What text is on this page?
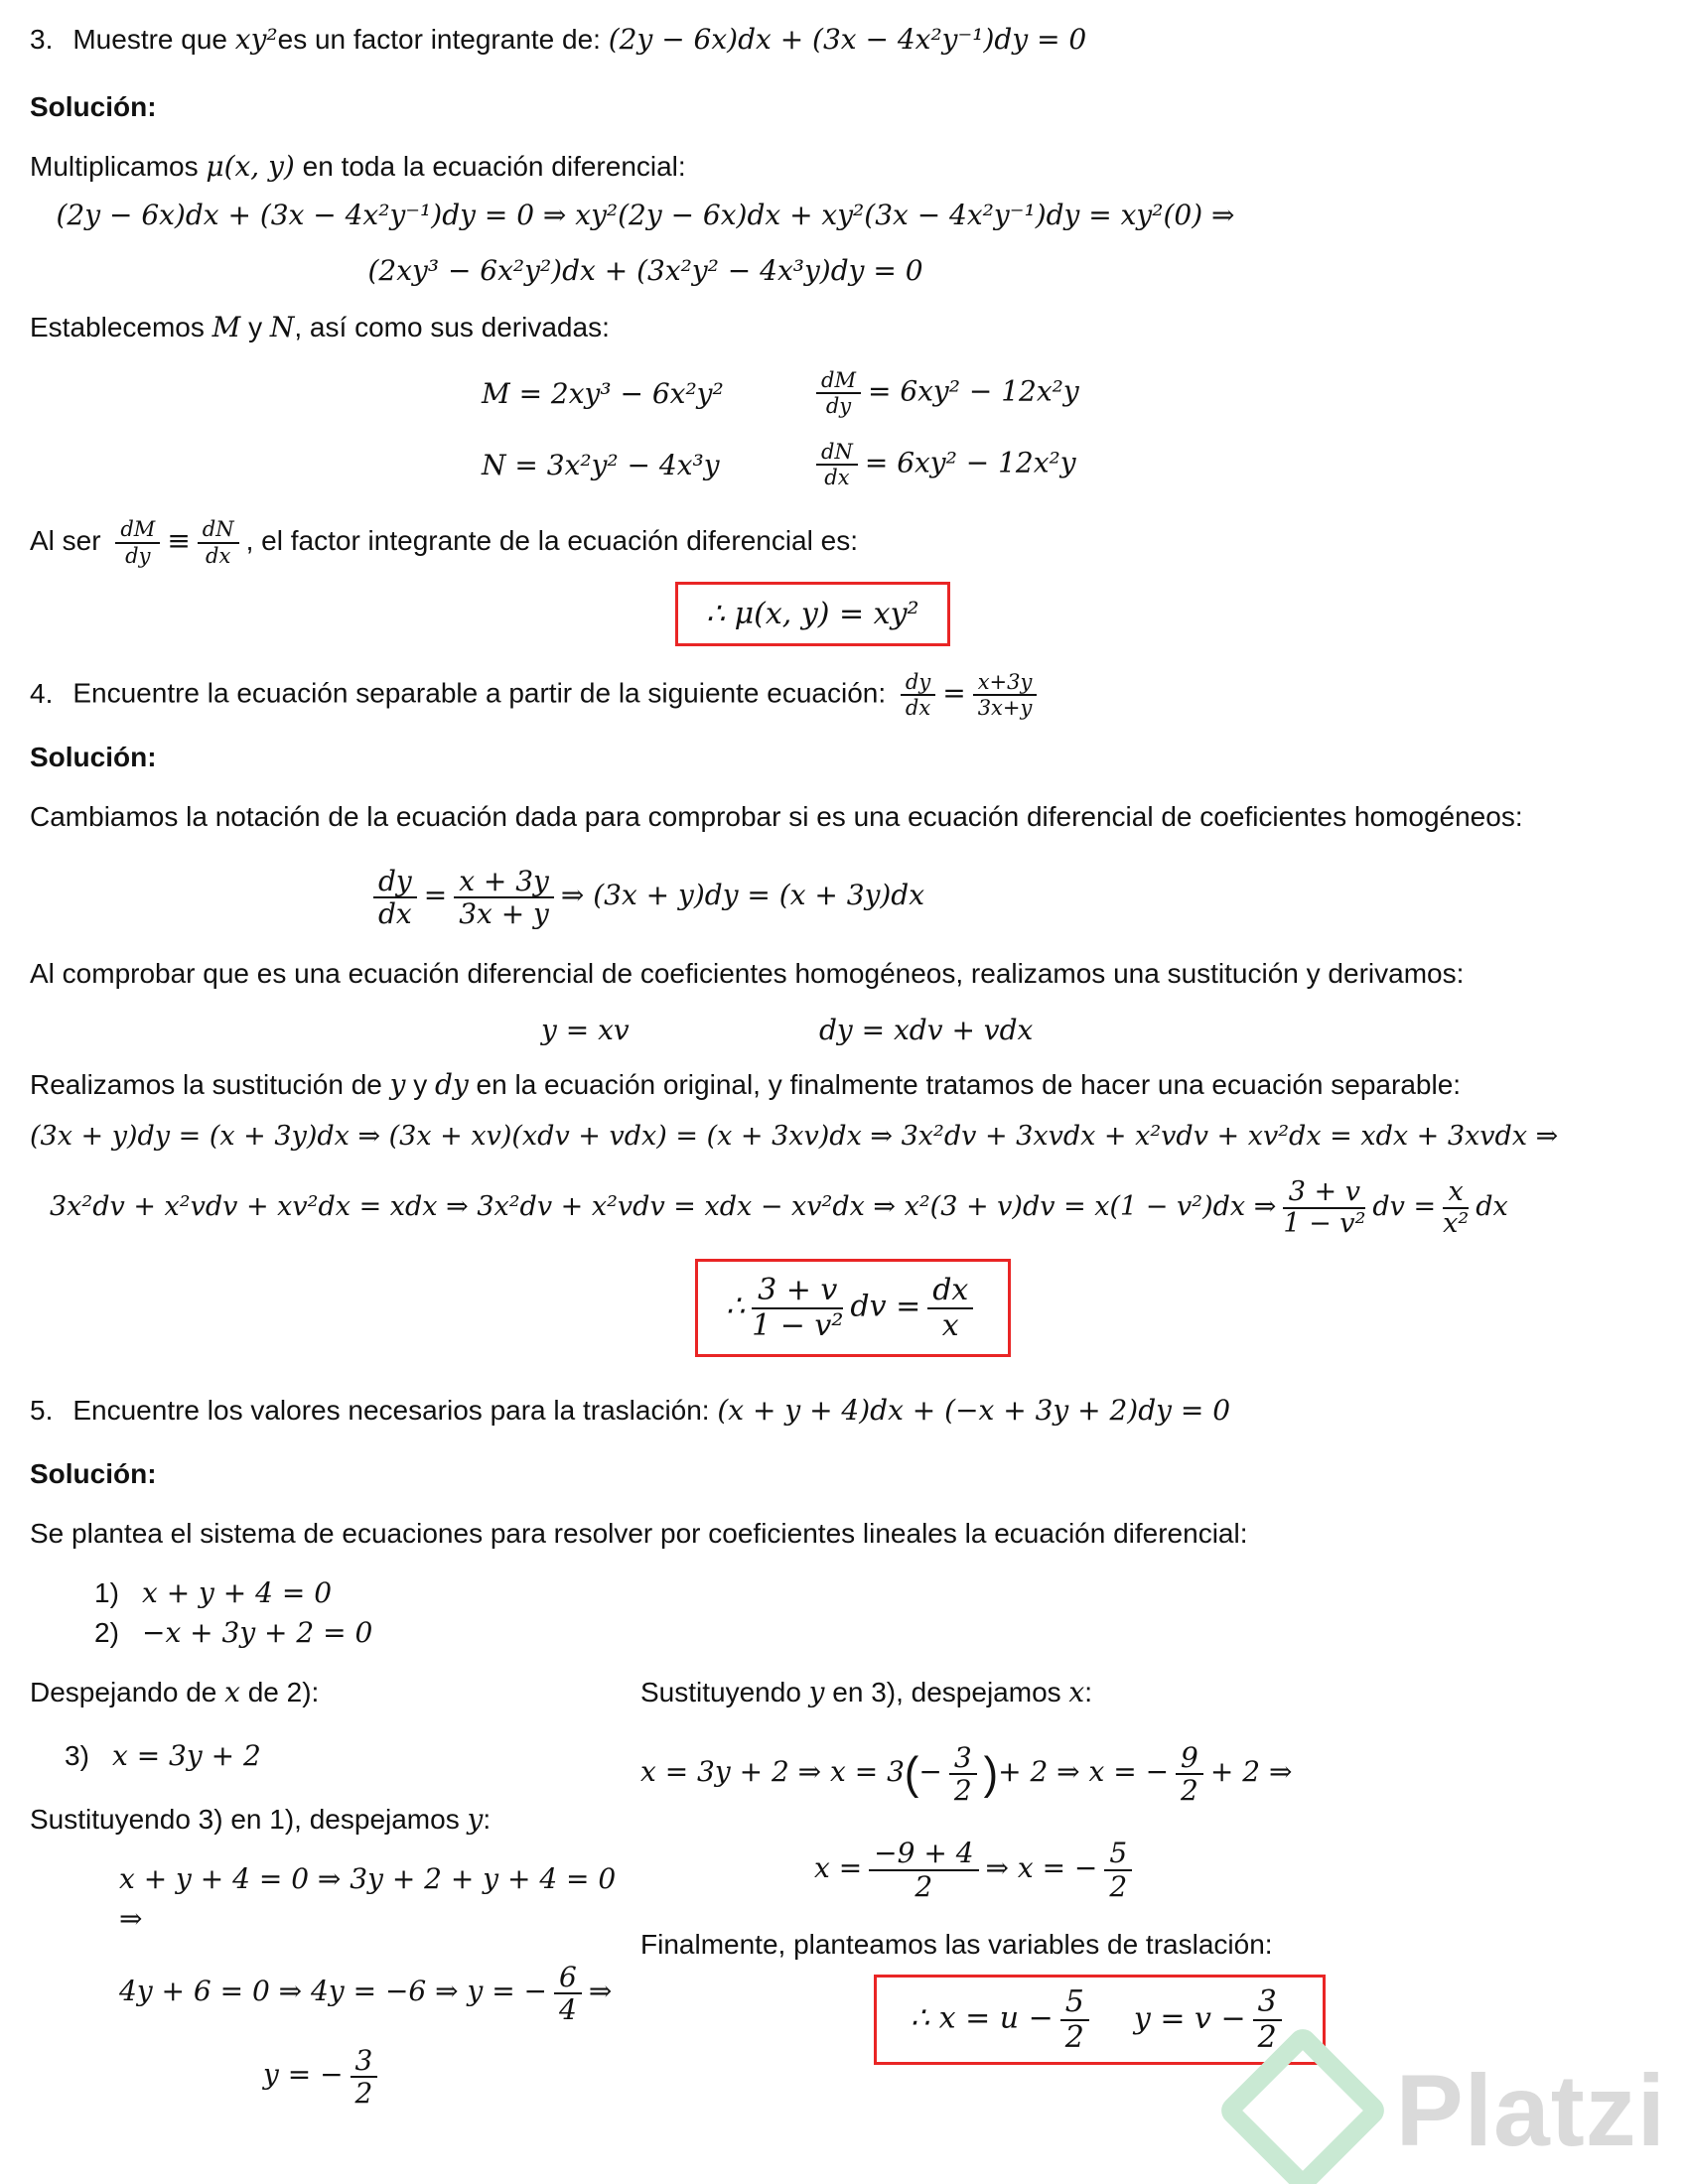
3. Muestre que xy²es un factor integrante de: (2y − 6x)dx + (3x − 4x²y⁻¹)dy = 0
Solución:
Multiplicamos μ(x, y) en toda la ecuación diferencial:
(2y − 6x)dx + (3x − 4x²y⁻¹)dy = 0 ⇒ xy²(2y − 6x)dx + xy²(3x − 4x²y⁻¹)dy = xy²(0) ⇒
(2xy³ − 6x²y²)dx + (3x²y² − 4x³y)dy = 0
Establecemos M y N, así como sus derivadas:
M = 2xy³ − 6x²y²	$\frac{dM}{dy} = 6xy^2 - 12x^2y$
N = 3x²y² − 4x³y	$\frac{dN}{dx} = 6xy^2 - 12x^2y$
Al ser $\frac{dM}{dy} \equiv \frac{dN}{dx}$ , el factor integrante de la ecuación diferencial es:
∴ μ(x, y) = xy²
4. Encuentre la ecuación separable a partir de la siguiente ecuación: $\frac{dy}{dx} = \frac{x+3y}{3x+y}$
Solución:
Cambiamos la notación de la ecuación dada para comprobar si es una ecuación diferencial de coeficientes homogéneos:
$\frac{dy}{dx} = \frac{x + 3y}{3x + y}$ ⇒ (3x + y)dy = (x + 3y)dx
Al comprobar que es una ecuación diferencial de coeficientes homogéneos, realizamos una sustitución y derivamos:
y = xv	dy = xdv + vdx
Realizamos la sustitución de y y dy en la ecuación original, y finalmente tratamos de hacer una ecuación separable:
(3x + y)dy = (x + 3y)dx ⇒ (3x + xv)(xdv + vdx) = (x + 3xv)dx ⇒ 3x²dv + 3xvdx + x²vdv + xv²dx = xdx + 3xvdx ⇒
3x²dv + x²vdv + xv²dx = xdx ⇒ 3x²dv + x²vdv = xdx − xv²dx ⇒ x²(3 + v)dv = x(1 − v²)dx ⇒ $\frac{3 + v}{\text{1 − v²}}$ dv = $\frac{x}{\text{x²}}$ dx
∴ $\frac{3 + v}{\text{1 − v²}}$ dv = $\frac{dx}{x}$
5. Encuentre los valores necesarios para la traslación: (x + y + 4)dx + (−x + 3y + 2)dy = 0
Solución:
Se plantea el sistema de ecuaciones para resolver por coeficientes lineales la ecuación diferencial:
1) x + y + 4 = 0
2) −x + 3y + 2 = 0
Despejando de x de 2):
3) x = 3y + 2
Sustituyendo 3) en 1), despejamos y:
x + y + 4 = 0 ⇒ 3y + 2 + y + 4 = 0 ⇒
4y + 6 = 0 ⇒ 4y = −6 ⇒ y = − $\frac{6}{4}$ ⇒
y = − $\frac{3}{2}$
Sustituyendo y en 3), despejamos x:
x = 3y + 2 ⇒ $x = 3(- \frac{3}{2}$ )+ 2 ⇒ x = − $\frac{9}{2} + 2$ ⇒
$x = \frac{-9 + 4}{2}$ ⇒ x = − $\frac{5}{2}$
Finalmente, planteamos las variables de traslación:
∴ $x = u - \frac{5}{2}$ $y = v - \frac{3}{2}$
Platzi
